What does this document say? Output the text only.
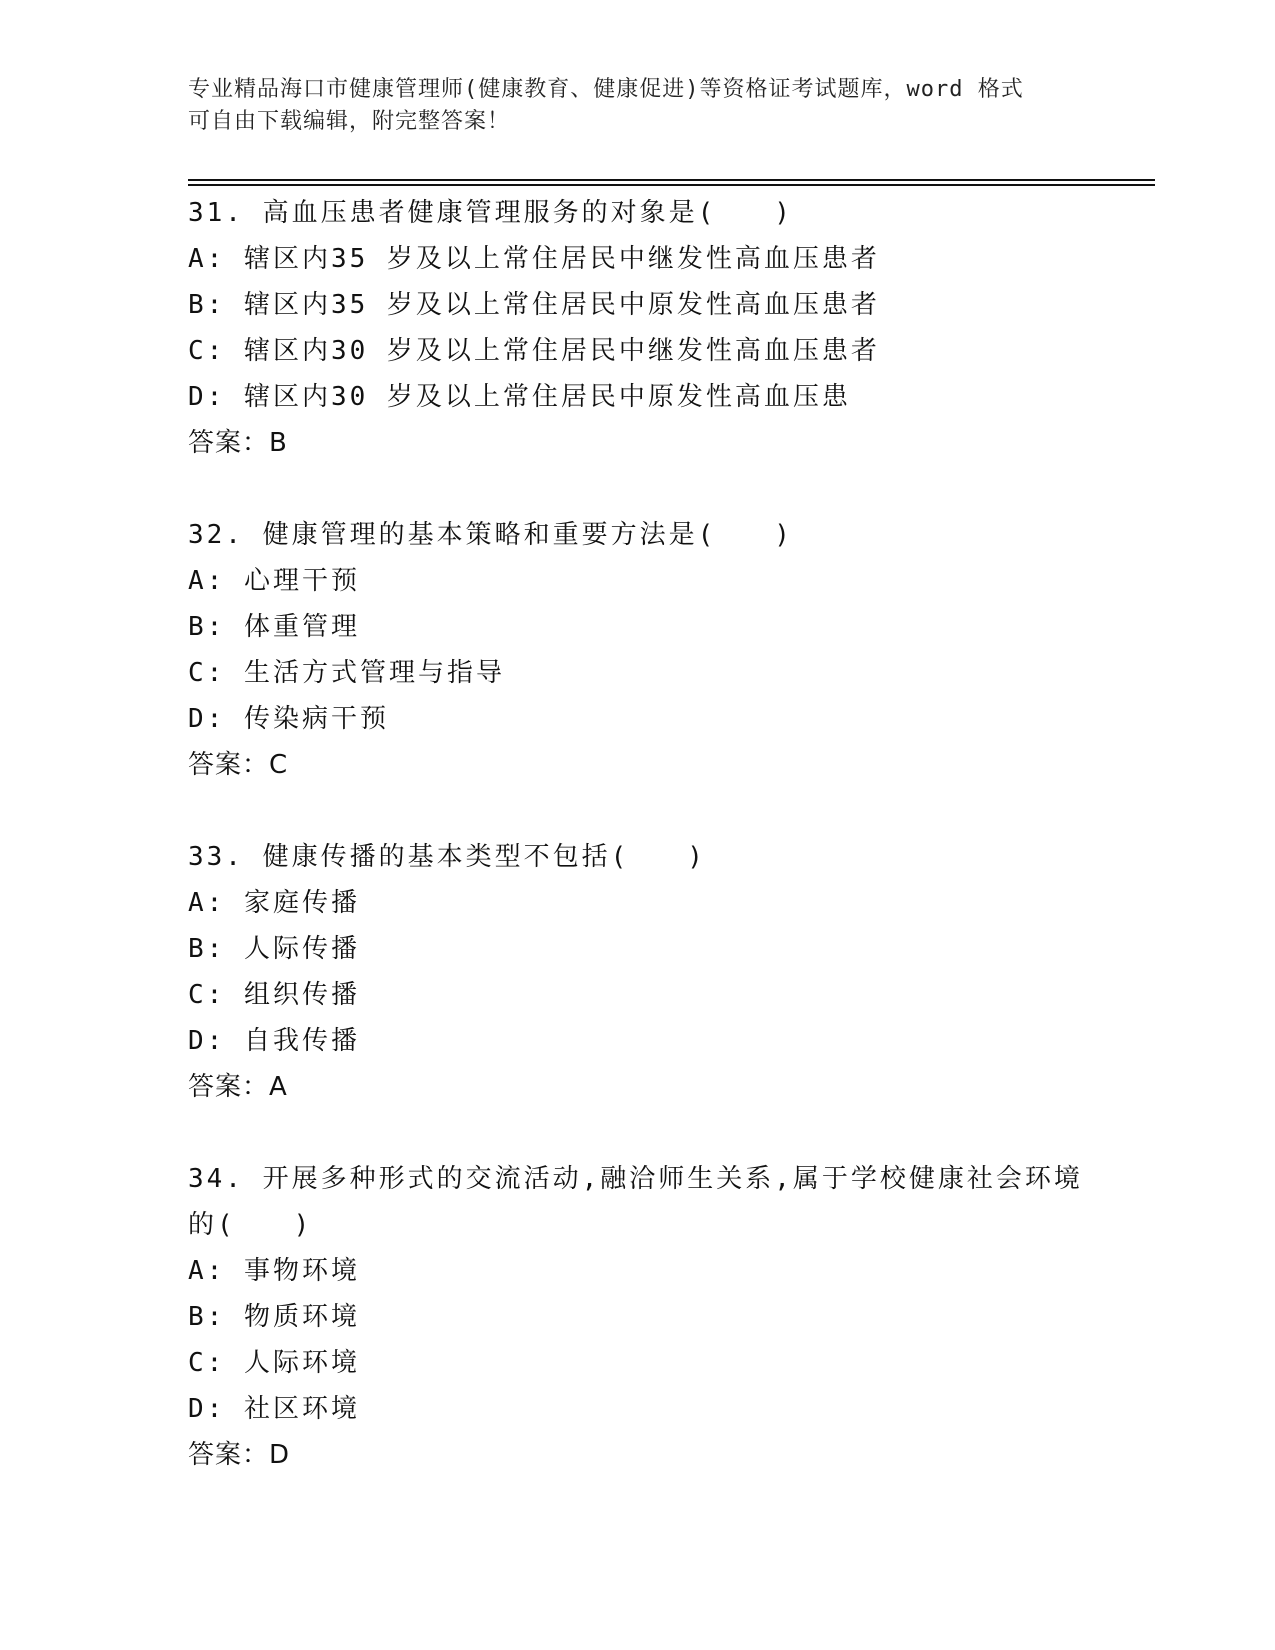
专业精品海口市健康管理师(健康教育、健康促进)等资格证考试题库，word 格式
可自由下载编辑，附完整答案！
31. 高血压患者健康管理服务的对象是(　　)
A: 辖区内35 岁及以上常住居民中继发性高血压患者
B: 辖区内35 岁及以上常住居民中原发性高血压患者
C: 辖区内30 岁及以上常住居民中继发性高血压患者
D: 辖区内30 岁及以上常住居民中原发性高血压患
答案：B
32. 健康管理的基本策略和重要方法是(　　)
A: 心理干预
B: 体重管理
C: 生活方式管理与指导
D: 传染病干预
答案：C
33. 健康传播的基本类型不包括(　　)
A: 家庭传播
B: 人际传播
C: 组织传播
D: 自我传播
答案：A
34. 开展多种形式的交流活动,融洽师生关系,属于学校健康社会环境
的(　　)
A: 事物环境
B: 物质环境
C: 人际环境
D: 社区环境
答案：D
